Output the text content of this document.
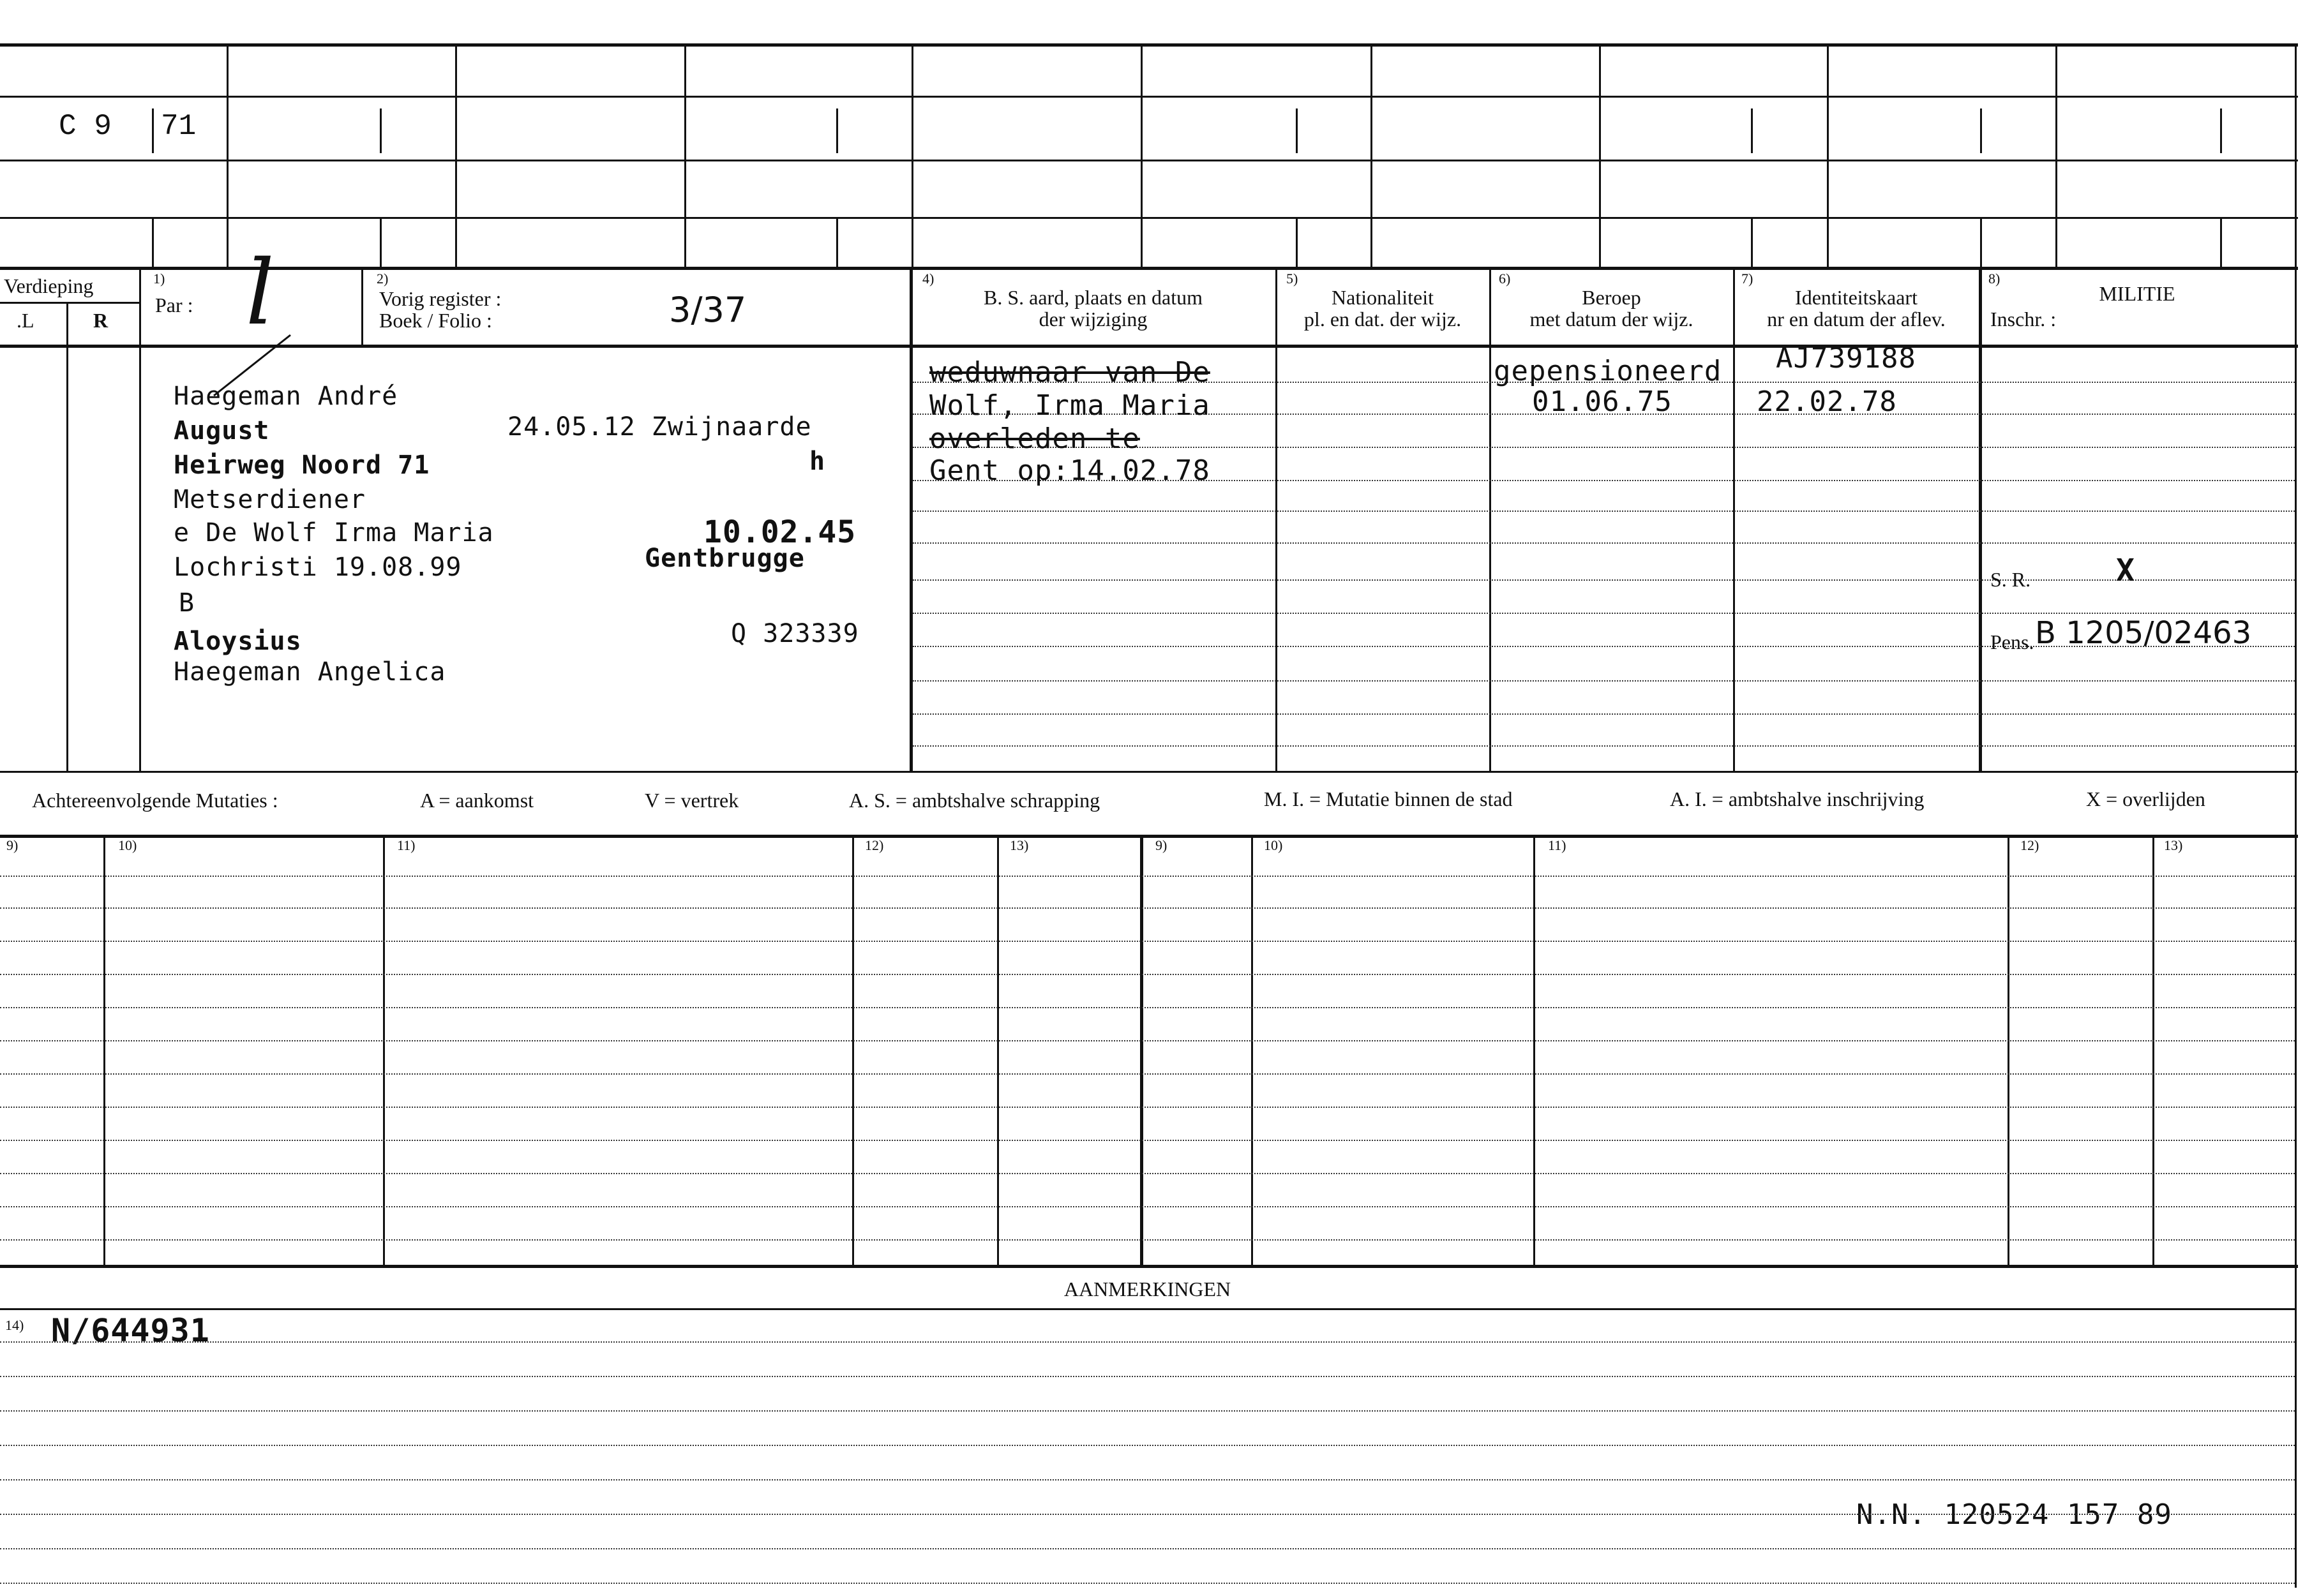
C 9 71
Verdieping
.L	R
1)
Par : l	2)
Vorig register :
Boek / Folio :	3/37
4)
B. S. aard, plaats en datum
der wijziging
5)
Nationaliteit
pl. en dat. der wijz.
6)
Beroep
met datum der wijz.
7)
Identiteitskaart
nr en datum der aflev.
8)
MILITIE
Inschr. :
Haegeman André
August	24.05.12 Zwijnaarde
Heirweg Noord 71	h
Metserdiener
e De Wolf Irma Maria	10.02.45
Lochristi 19.08.99	Gentbrugge
B
Aloysius	Q 323339
Haegeman Angelica
weduwnaar van De
Wolf, Irma Maria
overleden te
Gent op:14.02.78
gepensioneerd
01.06.75
AJ739188
22.02.78
S. R.	X
Pens. B 1205/02463
Achtereenvolgende Mutaties :	A = aankomst	V = vertrek	A. S. = ambtshalve schrapping	M. I. = Mutatie binnen de stad	A. I. = ambtshalve inschrijving	X = overlijden
9)	10)	11)	12)	13)	9)	10)	11)	12)	13)
AANMERKINGEN
14) N/644931
N.N. 120524 157 89
